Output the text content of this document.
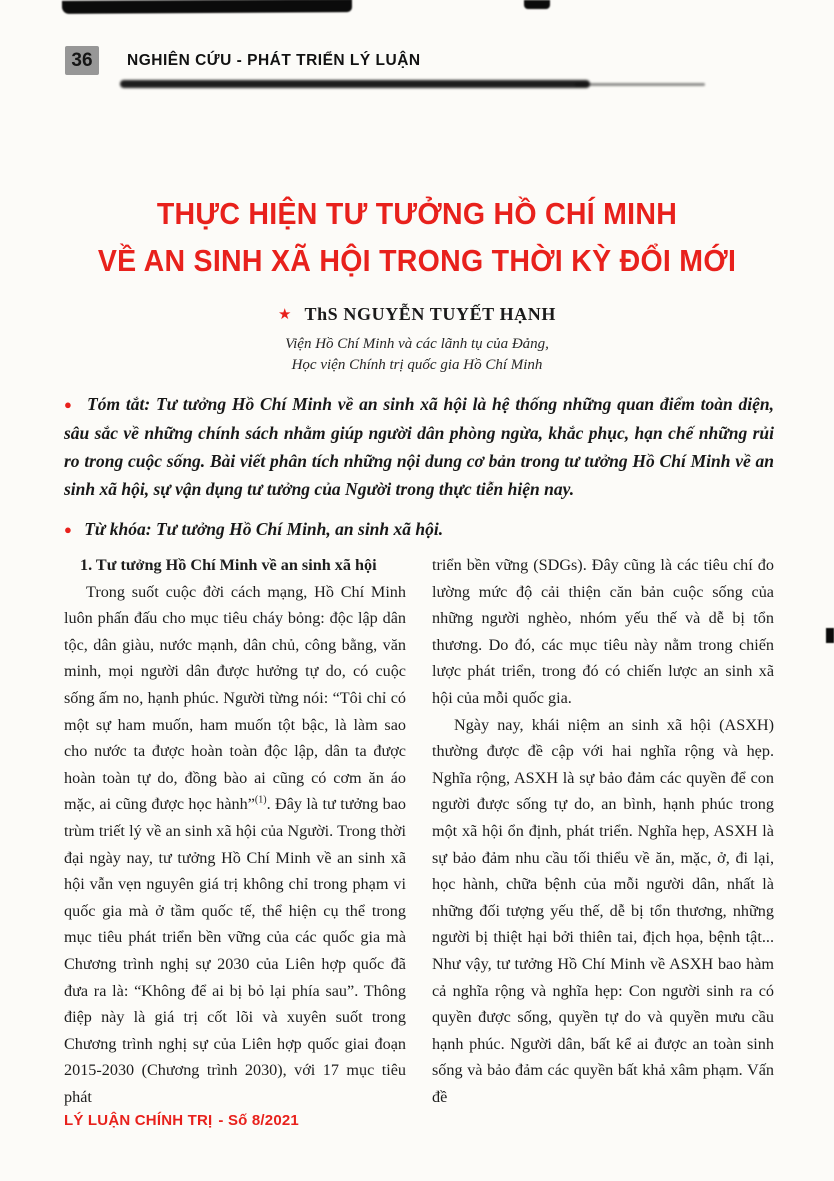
36	NGHIÊN CỨU - PHÁT TRIỂN LÝ LUẬN
THỰC HIỆN TƯ TƯỞNG HỒ CHÍ MINH
VỀ AN SINH XÃ HỘI TRONG THỜI KỲ ĐỔI MỚI
★ ThS NGUYỄN TUYẾT HẠNH
Viện Hồ Chí Minh và các lãnh tụ của Đảng,
Học viện Chính trị quốc gia Hồ Chí Minh

● Tóm tắt: Tư tưởng Hồ Chí Minh về an sinh xã hội là hệ thống những quan điểm toàn diện, sâu sắc về những chính sách nhằm giúp người dân phòng ngừa, khắc phục, hạn chế những rủi ro trong cuộc sống. Bài viết phân tích những nội dung cơ bản trong tư tưởng Hồ Chí Minh về an sinh xã hội, sự vận dụng tư tưởng của Người trong thực tiễn hiện nay.

● Từ khóa: Tư tưởng Hồ Chí Minh, an sinh xã hội.

1. Tư tưởng Hồ Chí Minh về an sinh xã hội

Trong suốt cuộc đời cách mạng, Hồ Chí Minh luôn phấn đấu cho mục tiêu cháy bỏng: độc lập dân tộc, dân giàu, nước mạnh, dân chủ, công bằng, văn minh, mọi người dân được hưởng tự do, có cuộc sống ấm no, hạnh phúc. Người từng nói: “Tôi chỉ có một sự ham muốn, ham muốn tột bậc, là làm sao cho nước ta được hoàn toàn độc lập, dân ta được hoàn toàn tự do, đồng bào ai cũng có cơm ăn áo mặc, ai cũng được học hành”$^{(1)}$. Đây là tư tưởng bao trùm triết lý về an sinh xã hội của Người. Trong thời đại ngày nay, tư tưởng Hồ Chí Minh về an sinh xã hội vẫn vẹn nguyên giá trị không chỉ trong phạm vi quốc gia mà ở tầm quốc tế, thể hiện cụ thể trong mục tiêu phát triển bền vững của các quốc gia mà Chương trình nghị sự 2030 của Liên hợp quốc đã đưa ra là: “Không để ai bị bỏ lại phía sau”. Thông điệp này là giá trị cốt lõi và xuyên suốt trong Chương trình nghị sự của Liên hợp quốc giai đoạn 2015-2030 (Chương trình 2030), với 17 mục tiêu phát

triển bền vững (SDGs). Đây cũng là các tiêu chí đo lường mức độ cải thiện căn bản cuộc sống của những người nghèo, nhóm yếu thế và dễ bị tổn thương. Do đó, các mục tiêu này nằm trong chiến lược phát triển, trong đó có chiến lược an sinh xã hội của mỗi quốc gia.

Ngày nay, khái niệm an sinh xã hội (ASXH) thường được đề cập với hai nghĩa rộng và hẹp. Nghĩa rộng, ASXH là sự bảo đảm các quyền để con người được sống tự do, an bình, hạnh phúc trong một xã hội ổn định, phát triển. Nghĩa hẹp, ASXH là sự bảo đảm nhu cầu tối thiểu về ăn, mặc, ở, đi lại, học hành, chữa bệnh của mỗi người dân, nhất là những đối tượng yếu thế, dễ bị tổn thương, những người bị thiệt hại bởi thiên tai, địch họa, bệnh tật... Như vậy, tư tưởng Hồ Chí Minh về ASXH bao hàm cả nghĩa rộng và nghĩa hẹp: Con người sinh ra có quyền được sống, quyền tự do và quyền mưu cầu hạnh phúc. Người dân, bất kể ai được an toàn sinh sống và bảo đảm các quyền bất khả xâm phạm. Vấn đề

LÝ LUẬN CHÍNH TRỊ - Số 8/2021
